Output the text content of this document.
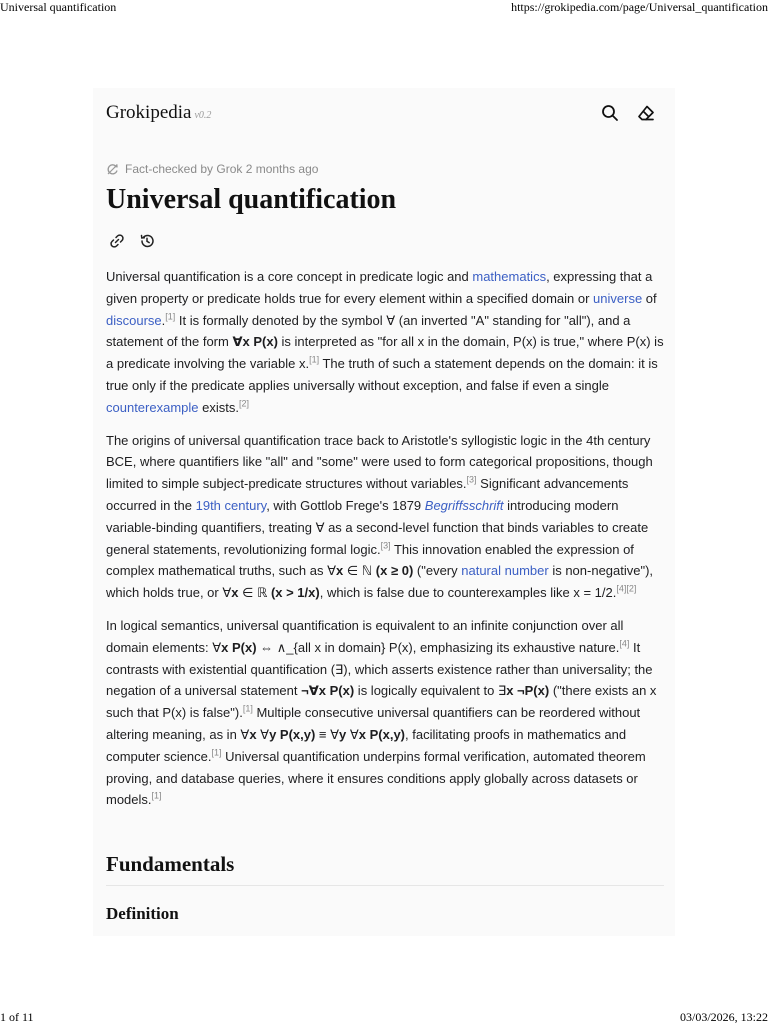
Universal quantification	https://grokipedia.com/page/Universal_quantification
Grokipedia v0.2
Fact-checked by Grok 2 months ago
Universal quantification

Universal quantification is a core concept in predicate logic and mathematics, expressing that a given property or predicate holds true for every element within a specified domain or universe of discourse.[1] It is formally denoted by the symbol ∀ (an inverted "A" standing for "all"), and a statement of the form ∀x P(x) is interpreted as "for all x in the domain, P(x) is true," where P(x) is a predicate involving the variable x.[1] The truth of such a statement depends on the domain: it is true only if the predicate applies universally without exception, and false if even a single counterexample exists.[2]

The origins of universal quantification trace back to Aristotle's syllogistic logic in the 4th century BCE, where quantifiers like "all" and "some" were used to form categorical propositions, though limited to simple subject-predicate structures without variables.[3] Significant advancements occurred in the 19th century, with Gottlob Frege's 1879 Begriffsschrift introducing modern variable-binding quantifiers, treating ∀ as a second-level function that binds variables to create general statements, revolutionizing formal logic.[3] This innovation enabled the expression of complex mathematical truths, such as ∀x ∈ ℕ (x ≥ 0) ("every natural number is non-negative"), which holds true, or ∀x ∈ ℝ (x > 1/x), which is false due to counterexamples like x = 1/2.[4][2]

In logical semantics, universal quantification is equivalent to an infinite conjunction over all domain elements: ∀x P(x) ⇔ ∧_{all x in domain} P(x), emphasizing its exhaustive nature.[4] It contrasts with existential quantification (∃), which asserts existence rather than universality; the negation of a universal statement ¬∀x P(x) is logically equivalent to ∃x ¬P(x) ("there exists an x such that P(x) is false").[1] Multiple consecutive universal quantifiers can be reordered without altering meaning, as in ∀x ∀y P(x,y) ≡ ∀y ∀x P(x,y), facilitating proofs in mathematics and computer science.[1] Universal quantification underpins formal verification, automated theorem proving, and database queries, where it ensures conditions apply globally across datasets or models.[1]

Fundamentals
Definition
1 of 11	03/03/2026, 13:22
